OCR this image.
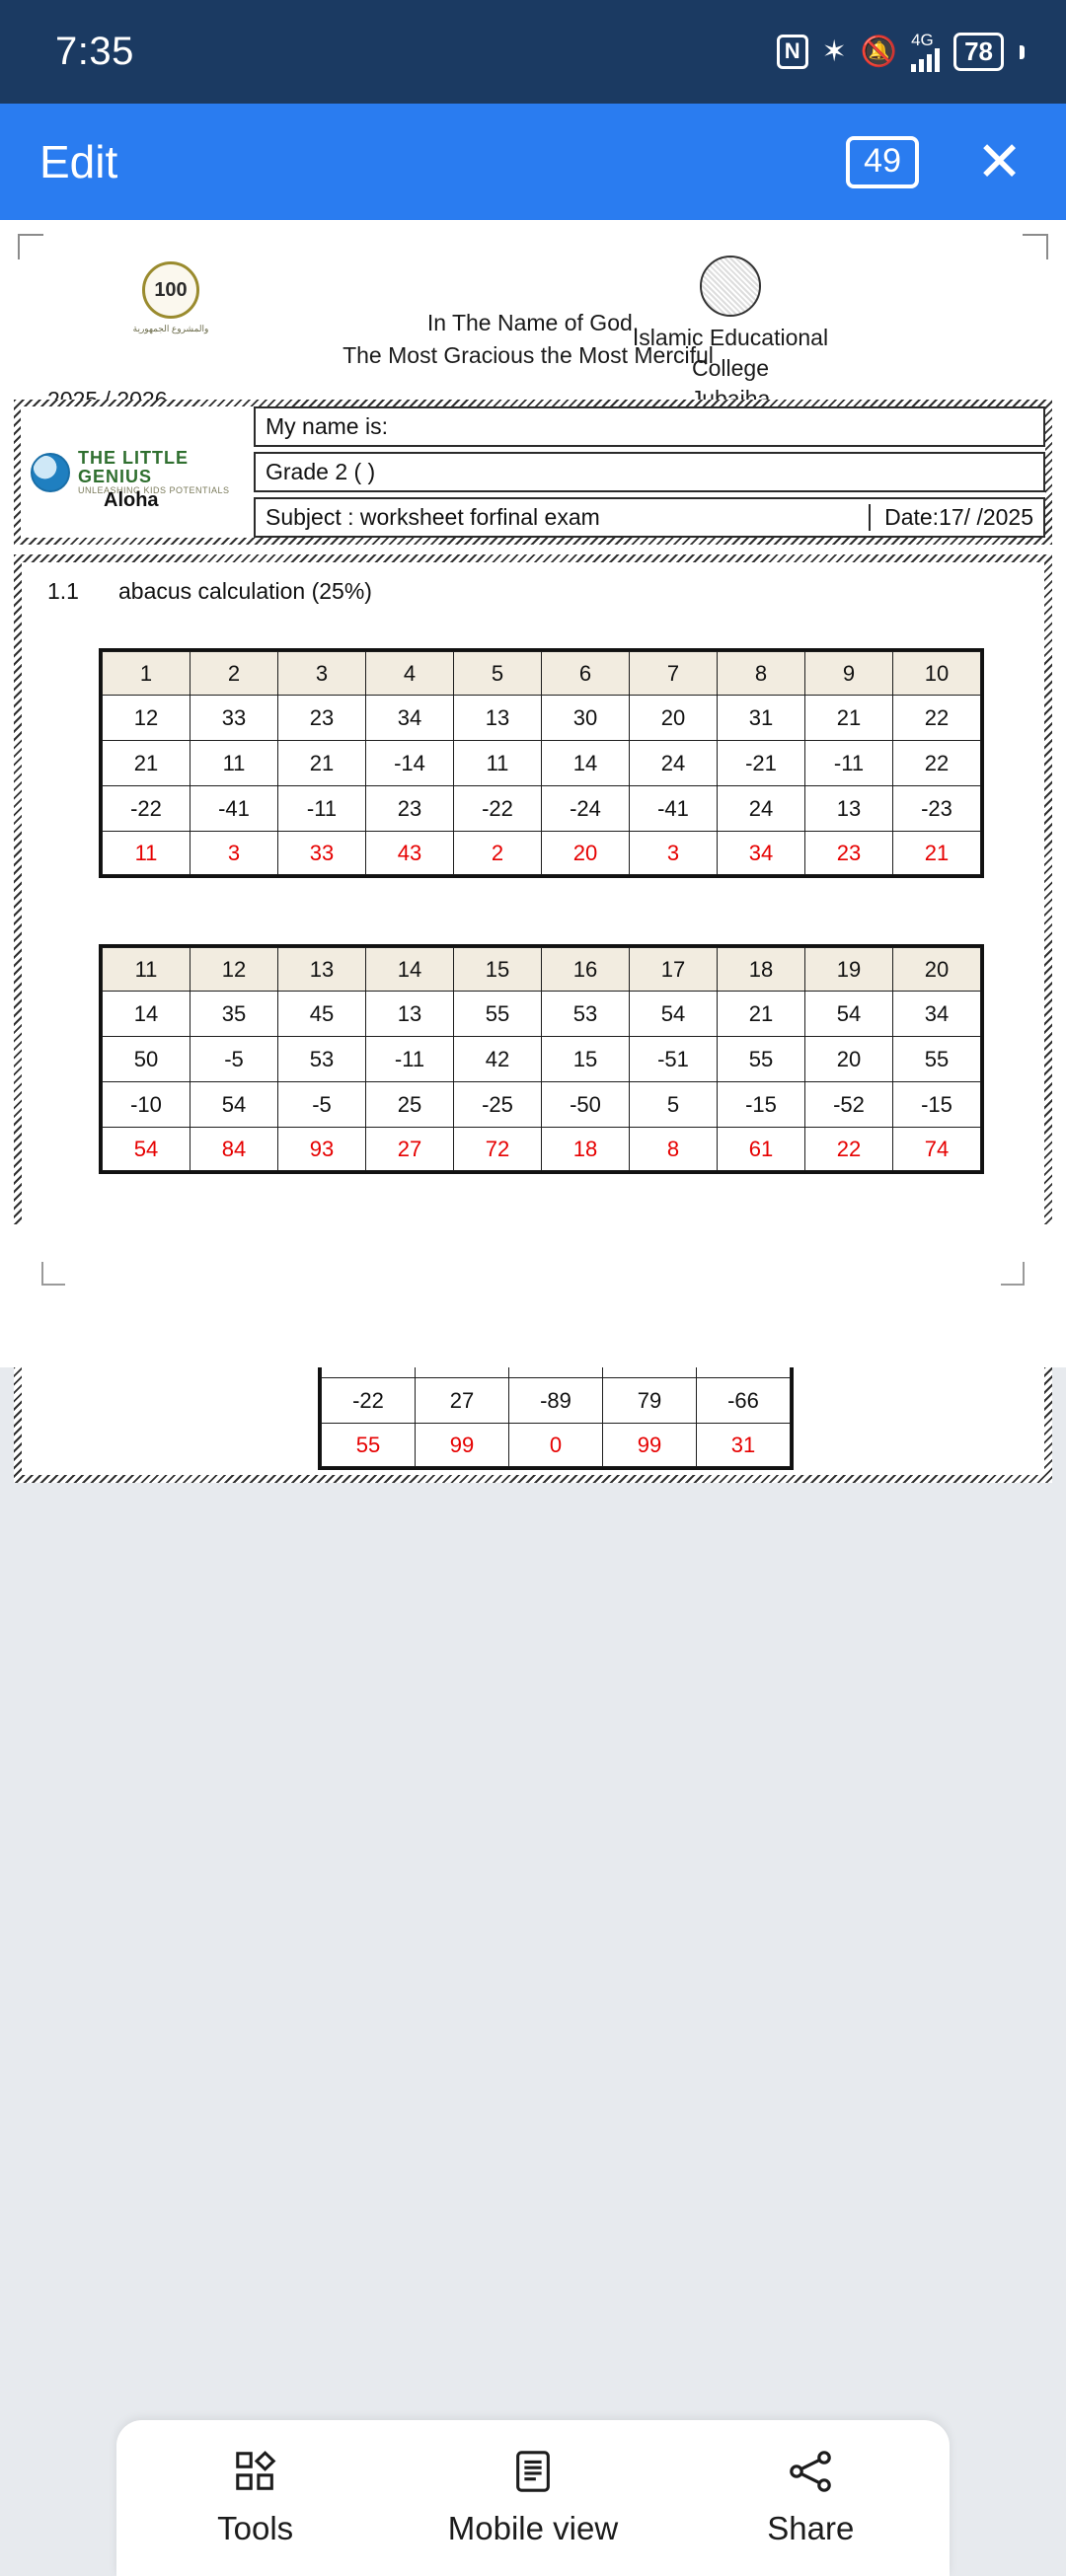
7:35	N ✶ 🔕 4G	78
Edit	49	✕
100
والمشروع الجمهورية	In The Name of God,
The Most Gracious the Most Merciful
Islamic Educational
College
THE LITTLE GENIUS
UNLEASHING KIDS POTENTIALS
Aloha
My name is:
Grade 2 ( )
Subject : worksheet forfinal exam	Date: 17/ /2025
1.1 abacus calculation (25%)
1	2	3	4	5	6	7	8	9	10
12	33	23	34	13	30	20	31	21	22
21	11	21	-14	11	14	24	-21	-11	22
-22	-41	-11	23	-22	-24	-41	24	13	-23
11	3	33	43	2	20	3	34	23	21

11	12	13	14	15	16	17	18	19	20
14	35	45	13	55	53	54	21	54	34
50	-5	53	-11	42	15	-51	55	20	55
-10	54	-5	25	-25	-50	5	-15	-52	-15
54	84	93	27	72	18	8	61	22	74

-22	27	-89	79	-66
55	99	0	99	31
Tools	Mobile view	Share
